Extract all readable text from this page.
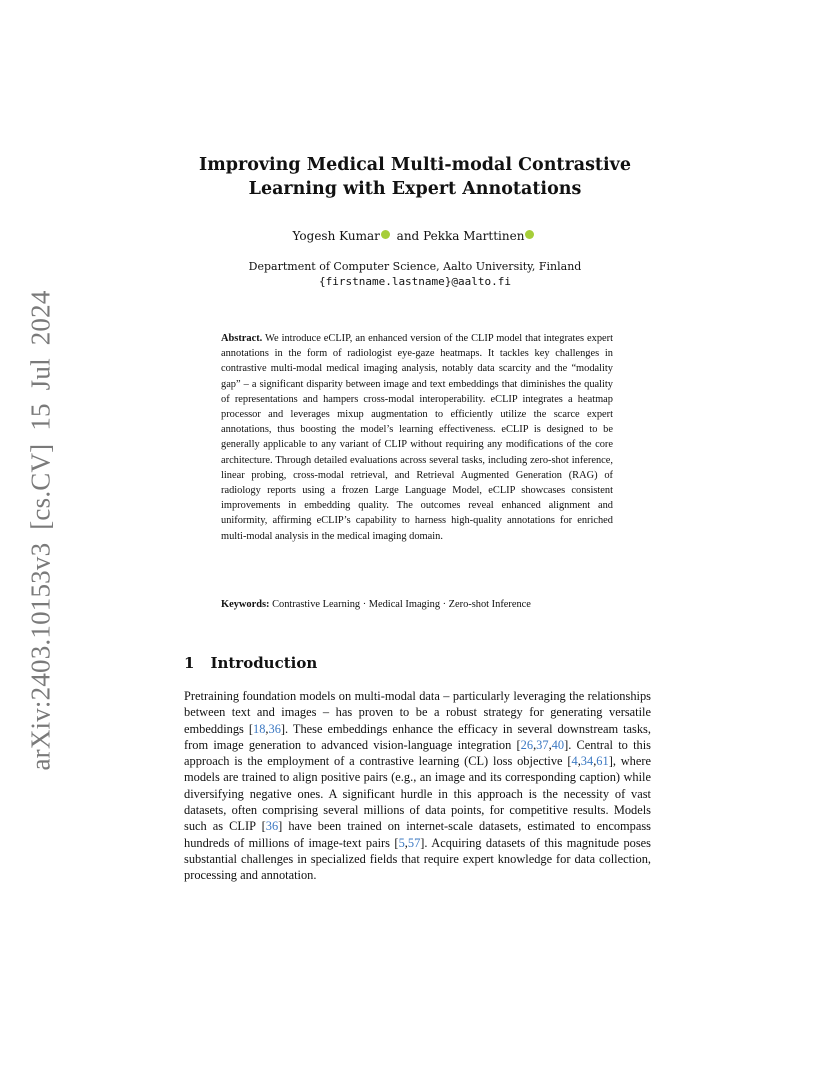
arXiv:2403.10153v3 [cs.CV] 15 Jul 2024
Improving Medical Multi-modal Contrastive
Learning with Expert Annotations
Yogesh Kumar and Pekka Marttinen
Department of Computer Science, Aalto University, Finland
{firstname.lastname}@aalto.fi
Abstract. We introduce eCLIP, an enhanced version of the CLIP model that integrates expert annotations in the form of radiologist eye-gaze heatmaps. It tackles key challenges in contrastive multi-modal medical imaging analysis, notably data scarcity and the “modality gap” – a significant disparity between image and text embeddings that diminishes the quality of representations and hampers cross-modal interoperability. eCLIP integrates a heatmap processor and leverages mixup augmentation to efficiently utilize the scarce expert annotations, thus boosting the model’s learning effectiveness. eCLIP is designed to be generally applicable to any variant of CLIP without requiring any modifications of the core architecture. Through detailed evaluations across several tasks, including zero-shot inference, linear probing, cross-modal retrieval, and Retrieval Augmented Generation (RAG) of radiology reports using a frozen Large Language Model, eCLIP showcases consistent improvements in embedding quality. The outcomes reveal enhanced alignment and uniformity, affirming eCLIP’s capability to harness high-quality annotations for enriched multi-modal analysis in the medical imaging domain.
Keywords: Contrastive Learning · Medical Imaging · Zero-shot Inference
1 Introduction
Pretraining foundation models on multi-modal data – particularly leveraging the relationships between text and images – has proven to be a robust strategy for generating versatile embeddings [18,36]. These embeddings enhance the efficacy in several downstream tasks, from image generation to advanced vision-language integration [26,37,40]. Central to this approach is the employment of a contrastive learning (CL) loss objective [4,34,61], where models are trained to align positive pairs (e.g., an image and its corresponding caption) while diversifying negative ones. A significant hurdle in this approach is the necessity of vast datasets, often comprising several millions of data points, for competitive results. Models such as CLIP [36] have been trained on internet-scale datasets, estimated to encompass hundreds of millions of image-text pairs [5,57]. Acquiring datasets of this magnitude poses substantial challenges in specialized fields that require expert knowledge for data collection, processing and annotation.
